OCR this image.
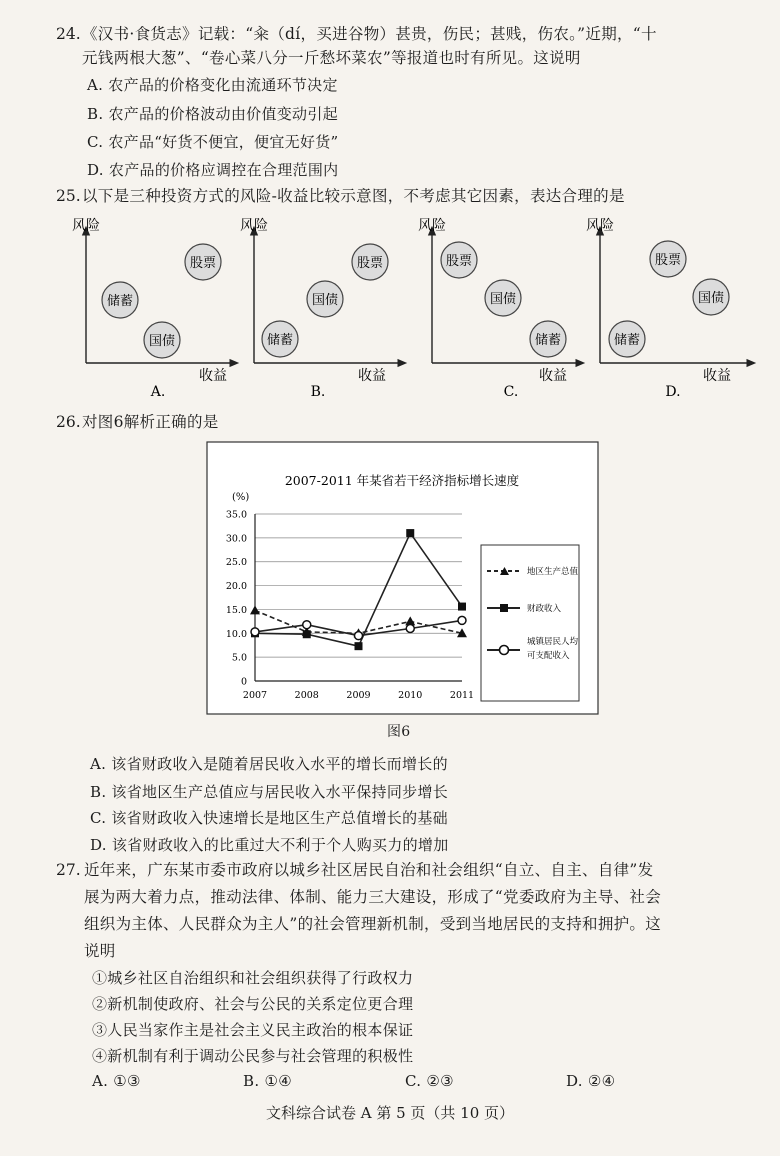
24. 《汉书·食货志》记载：“籴（dí，买进谷物）甚贵，伤民；甚贱，伤农。”近期，“十
元钱两根大葱”、“卷心菜八分一斤愁坏菜农”等报道也时有所见。这说明
A. 农产品的价格变化由流通环节决定
B. 农产品的价格波动由价值变动引起
C. 农产品“好货不便宜，便宜无好货”
D. 农产品的价格应调控在合理范围内
25. 以下是三种投资方式的风险-收益比较示意图，不考虑其它因素，表达合理的是
风险
收益
股票
储蓄
国债
A.
风险
收益
股票
国债
储蓄
B.
风险
收益
股票
国债
储蓄
C.
风险
收益
股票
国债
储蓄
D.
26. 对图6解析正确的是
2007-2011 年某省若干经济指标增长速度
(%)
0
5.0
10.0
15.0
20.0
25.0
30.0
35.0
2007	2008	2009	2010	2011
地区生产总值
财政收入
城镇居民人均
可支配收入
图6
A. 该省财政收入是随着居民收入水平的增长而增长的
B. 该省地区生产总值应与居民收入水平保持同步增长
C. 该省财政收入快速增长是地区生产总值增长的基础
D. 该省财政收入的比重过大不利于个人购买力的增加
27. 近年来，广东某市委市政府以城乡社区居民自治和社会组织“自立、自主、自律”发
展为两大着力点，推动法律、体制、能力三大建设，形成了“党委政府为主导、社会
组织为主体、人民群众为主人”的社会管理新机制，受到当地居民的支持和拥护。这
说明
①城乡社区自治组织和社会组织获得了行政权力
②新机制使政府、社会与公民的关系定位更合理
③人民当家作主是社会主义民主政治的根本保证
④新机制有利于调动公民参与社会管理的积极性
A. ①③	B. ①④	C. ②③	D. ②④
文科综合试卷 A 第 5 页（共 10 页）
